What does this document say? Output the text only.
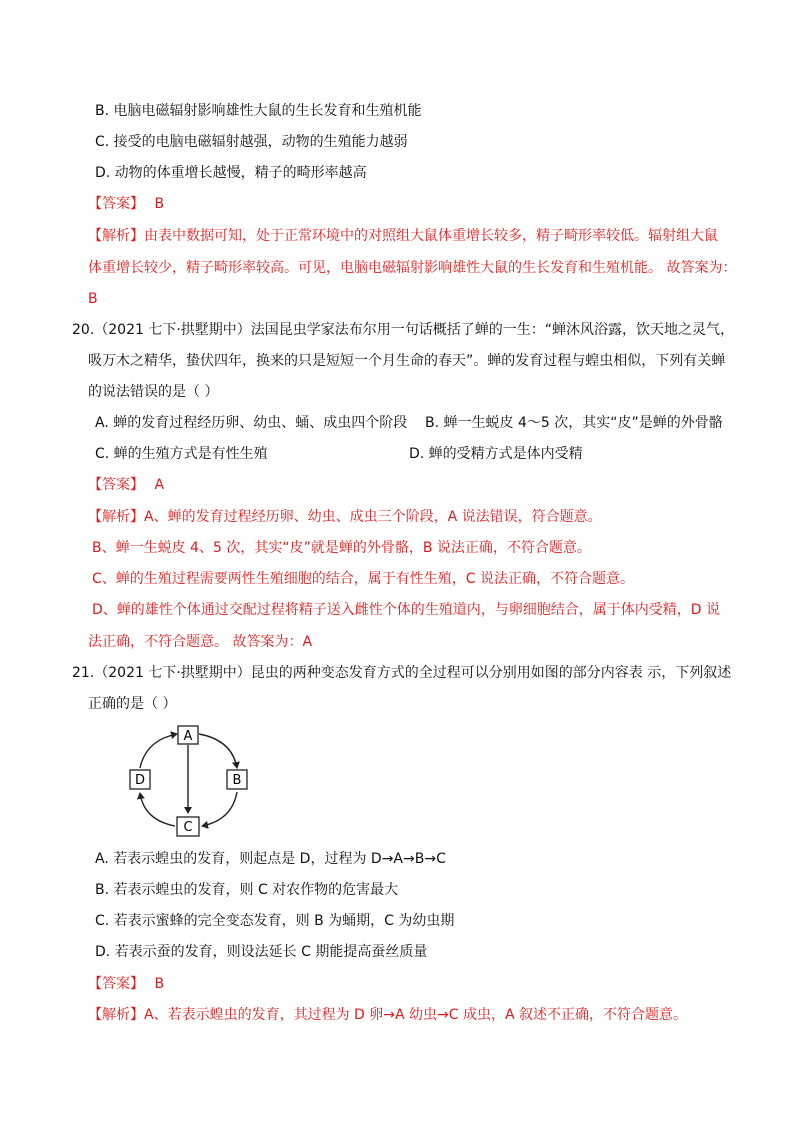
B. 电脑电磁辐射影响雄性大鼠的生长发育和生殖机能
C. 接受的电脑电磁辐射越强，动物的生殖能力越弱
D. 动物的体重增长越慢，精子的畸形率越高
【答案】 B
【解析】由表中数据可知，处于正常环境中的对照组大鼠体重增长较多，精子畸形率较低。辐射组大鼠
体重增长较少，精子畸形率较高。可见，电脑电磁辐射影响雄性大鼠的生长发育和生殖机能。 故答案为：
B
20.（2021 七下·拱墅期中）法国昆虫学家法布尔用一句话概括了蝉的一生：“蝉沐风浴露，饮天地之灵气，
吸万木之精华，蛰伏四年，换来的只是短短一个月生命的春天”。蝉的发育过程与蝗虫相似，下列有关蝉
的说法错误的是（ ）
A. 蝉的发育过程经历卵、幼虫、蛹、成虫四个阶段 B. 蝉一生蜕皮 4～5 次，其实“皮”是蝉的外骨骼
C. 蝉的生殖方式是有性生殖	D. 蝉的受精方式是体内受精
【答案】 A
【解析】A、蝉的发育过程经历卵、幼虫、成虫三个阶段，A 说法错误，符合题意。
B、蝉一生蜕皮 4、5 次，其实“皮”就是蝉的外骨骼，B 说法正确，不符合题意。
C、蝉的生殖过程需要两性生殖细胞的结合，属于有性生殖，C 说法正确，不符合题意。
D、蝉的雄性个体通过交配过程将精子送入雌性个体的生殖道内，与卵细胞结合，属于体内受精，D 说
法正确，不符合题意。 故答案为：A
21.（2021 七下·拱墅期中）昆虫的两种变态发育方式的全过程可以分别用如图的部分内容表 示，下列叙述
正确的是（ ）
A
B
C
D
A. 若表示蝗虫的发育，则起点是 D，过程为 D→A→B→C
B. 若表示蝗虫的发育，则 C 对农作物的危害最大
C. 若表示蜜蜂的完全变态发育，则 B 为蛹期，C 为幼虫期
D. 若表示蚕的发育，则设法延长 C 期能提高蚕丝质量
【答案】 B
【解析】A、若表示蝗虫的发育，其过程为 D 卵→A 幼虫→C 成虫，A 叙述不正确，不符合题意。
